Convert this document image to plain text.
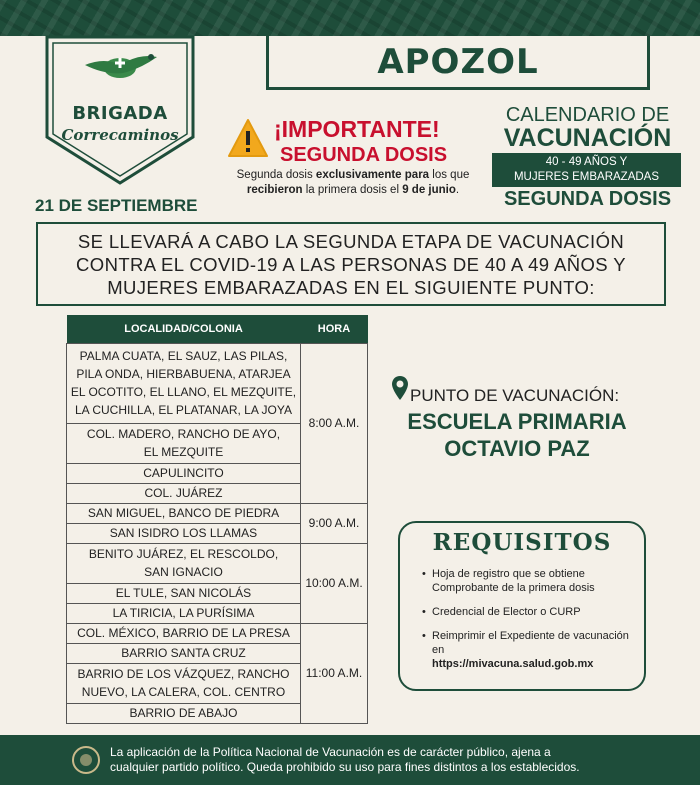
BRIGADA
Correcaminos
21 DE SEPTIEMBRE
APOZOL
¡IMPORTANTE!
SEGUNDA DOSIS
Segunda dosis exclusivamente para los que
recibieron la primera dosis el 9 de junio.
CALENDARIO DE
VACUNACIÓN
40 - 49 AÑOS Y
MUJERES EMBARAZADAS
SEGUNDA DOSIS
SE LLEVARÁ A CABO LA SEGUNDA ETAPA DE VACUNACIÓN
CONTRA EL COVID-19 A LAS PERSONAS DE 40 A 49 AÑOS Y
MUJERES EMBARAZADAS EN EL SIGUIENTE PUNTO:
LOCALIDAD/COLONIA	HORA

PALMA CUATA, EL SAUZ, LAS PILAS,
PILA ONDA, HIERBABUENA, ATARJEA
EL OCOTITO, EL LLANO, EL MEZQUITE,
LA CUCHILLA, EL PLATANAR, LA JOYA	8:00 A.M.

COL. MADERO, RANCHO DE AYO,
EL MEZQUITE	

CAPULINCITO	

COL. JUÁREZ	

SAN MIGUEL, BANCO DE PIEDRA	9:00 A.M.

SAN ISIDRO LOS LLAMAS	

BENITO JUÁREZ, EL RESCOLDO,
SAN IGNACIO	10:00 A.M.

EL TULE, SAN NICOLÁS	

LA TIRICIA, LA PURÍSIMA	

COL. MÉXICO, BARRIO DE LA PRESA	11:00 A.M.

BARRIO SANTA CRUZ	

BARRIO DE LOS VÁZQUEZ, RANCHO
NUEVO, LA CALERA, COL. CENTRO	

BARRIO DE ABAJO	
PUNTO DE VACUNACIÓN:
ESCUELA PRIMARIA
OCTAVIO PAZ
REQUISITOS
• Hoja de registro que se obtiene Comprobante de la primera dosis
• Credencial de Elector o CURP
• Reimprimir el Expediente de vacunación en
https://mivacuna.salud.gob.mx
La aplicación de la Política Nacional de Vacunación es de carácter público, ajena a
cualquier partido político. Queda prohibido su uso para fines distintos a los establecidos.
